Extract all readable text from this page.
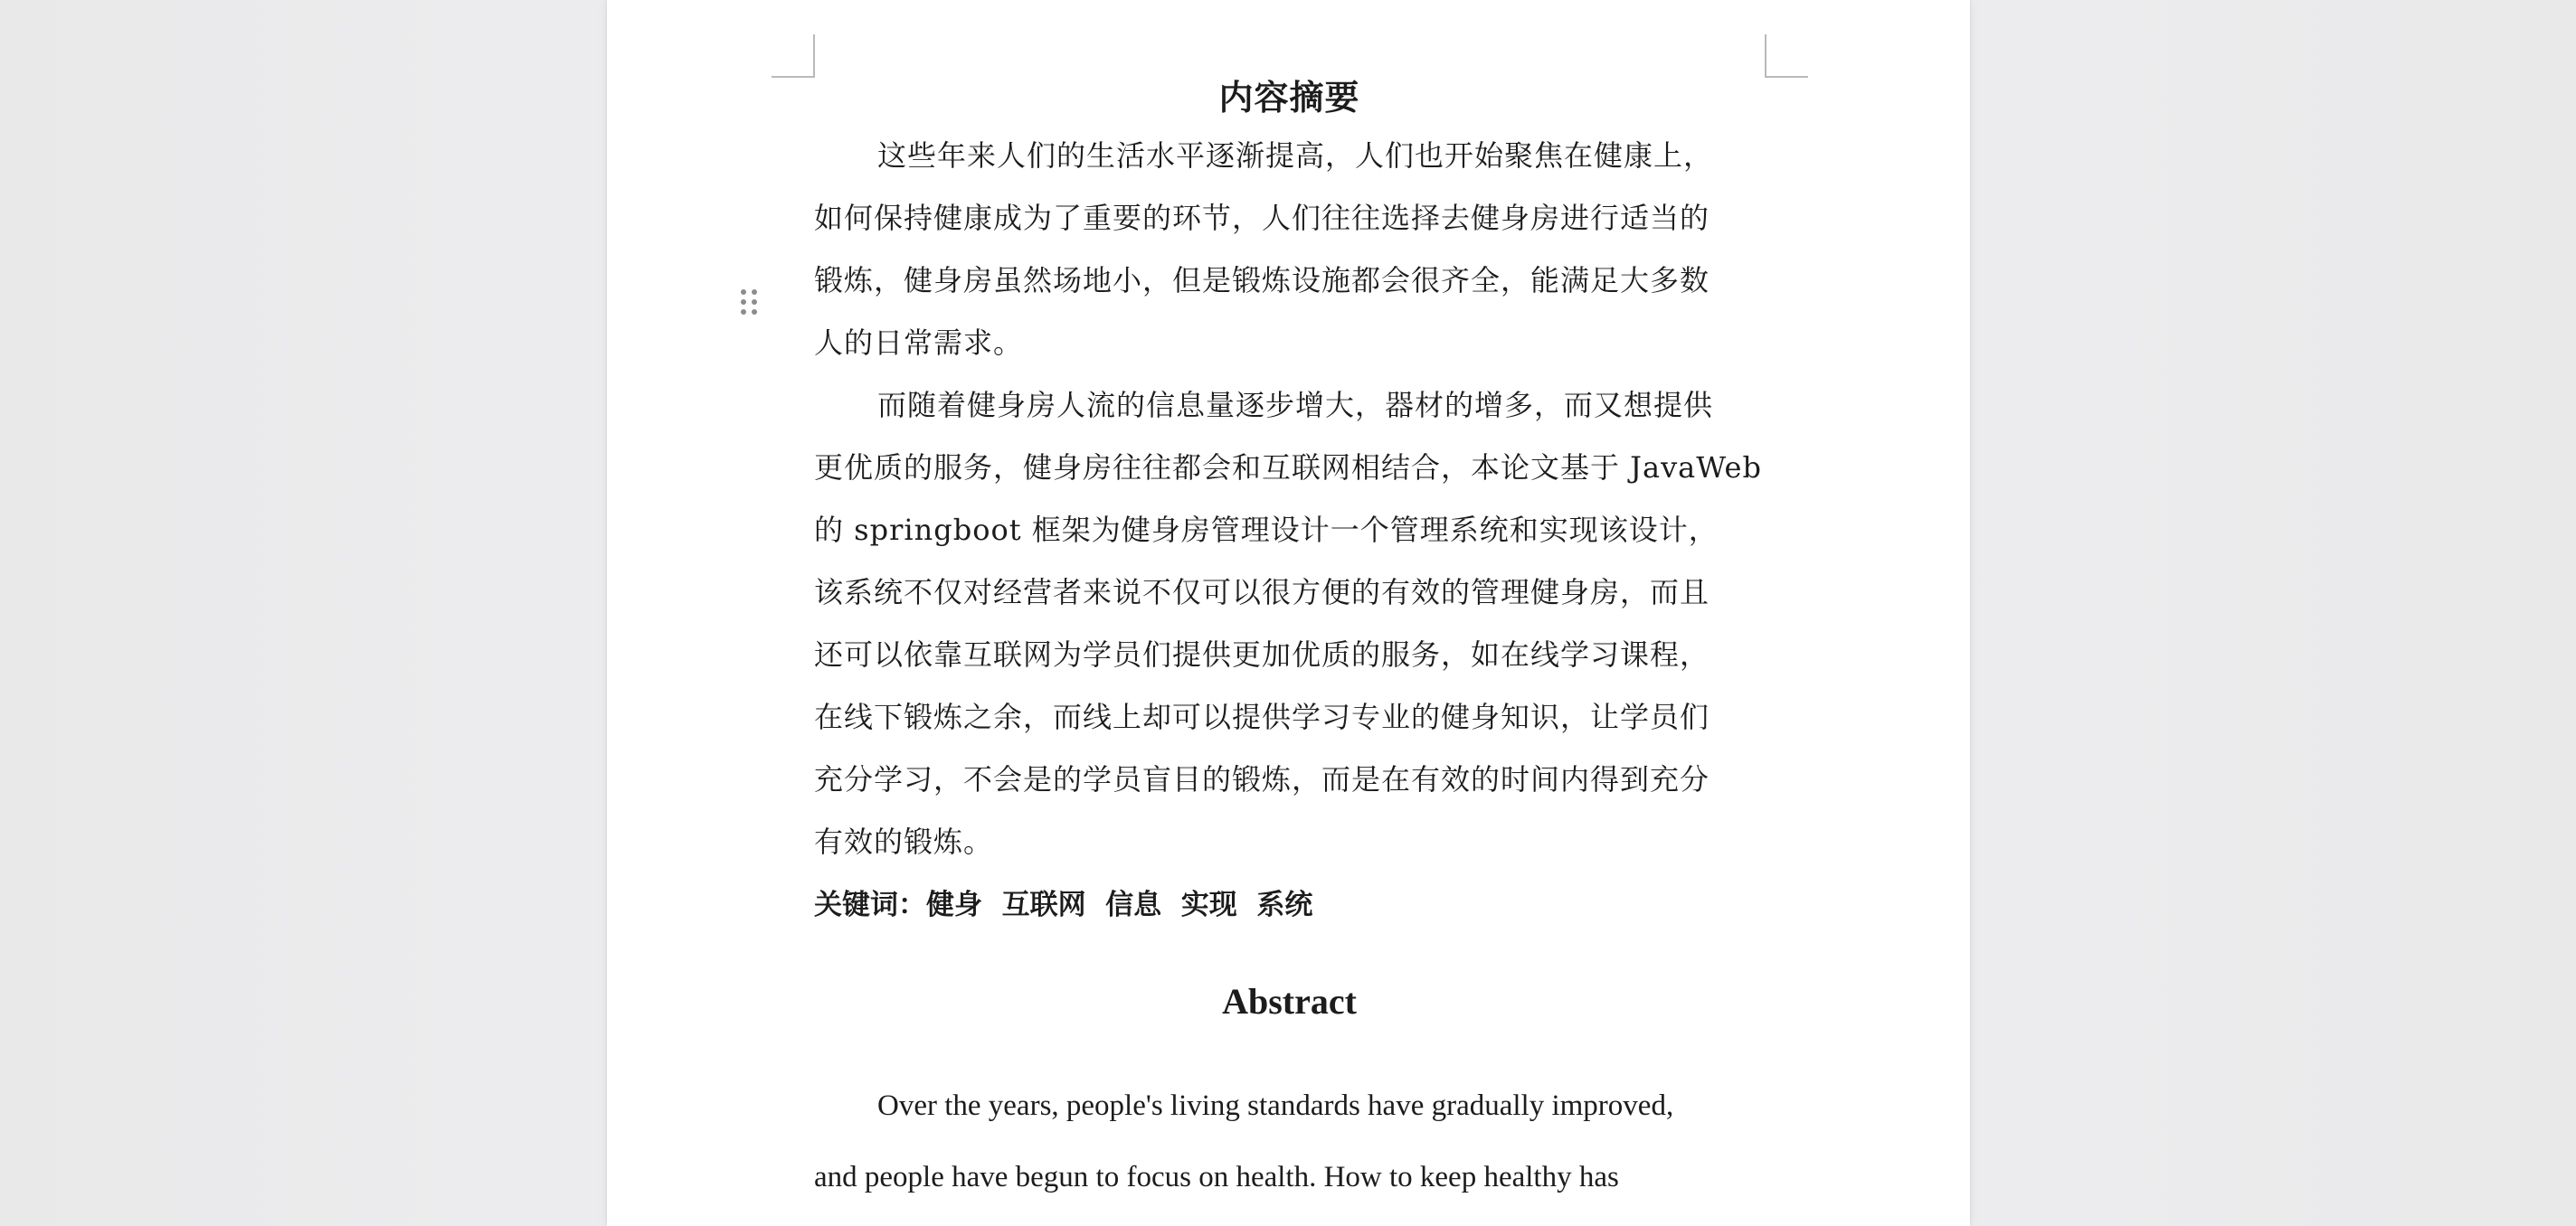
内容摘要

这些年来人们的生活水平逐渐提高，人们也开始聚焦在健康上，
如何保持健康成为了重要的环节，人们往往选择去健身房进行适当的
锻炼，健身房虽然场地小，但是锻炼设施都会很齐全，能满足大多数
人的日常需求。

而随着健身房人流的信息量逐步增大，器材的增多，而又想提供
更优质的服务，健身房往往都会和互联网相结合，本论文基于 JavaWeb
的 springboot 框架为健身房管理设计一个管理系统和实现该设计，
该系统不仅对经营者来说不仅可以很方便的有效的管理健身房，而且
还可以依靠互联网为学员们提供更加优质的服务，如在线学习课程，
在线下锻炼之余，而线上却可以提供学习专业的健身知识，让学员们
充分学习，不会是的学员盲目的锻炼，而是在有效的时间内得到充分
有效的锻炼。

关键词：健身  互联网  信息  实现  系统

Abstract

Over the years, people's living standards have gradually improved,
and people have begun to focus on health. How to keep healthy has
